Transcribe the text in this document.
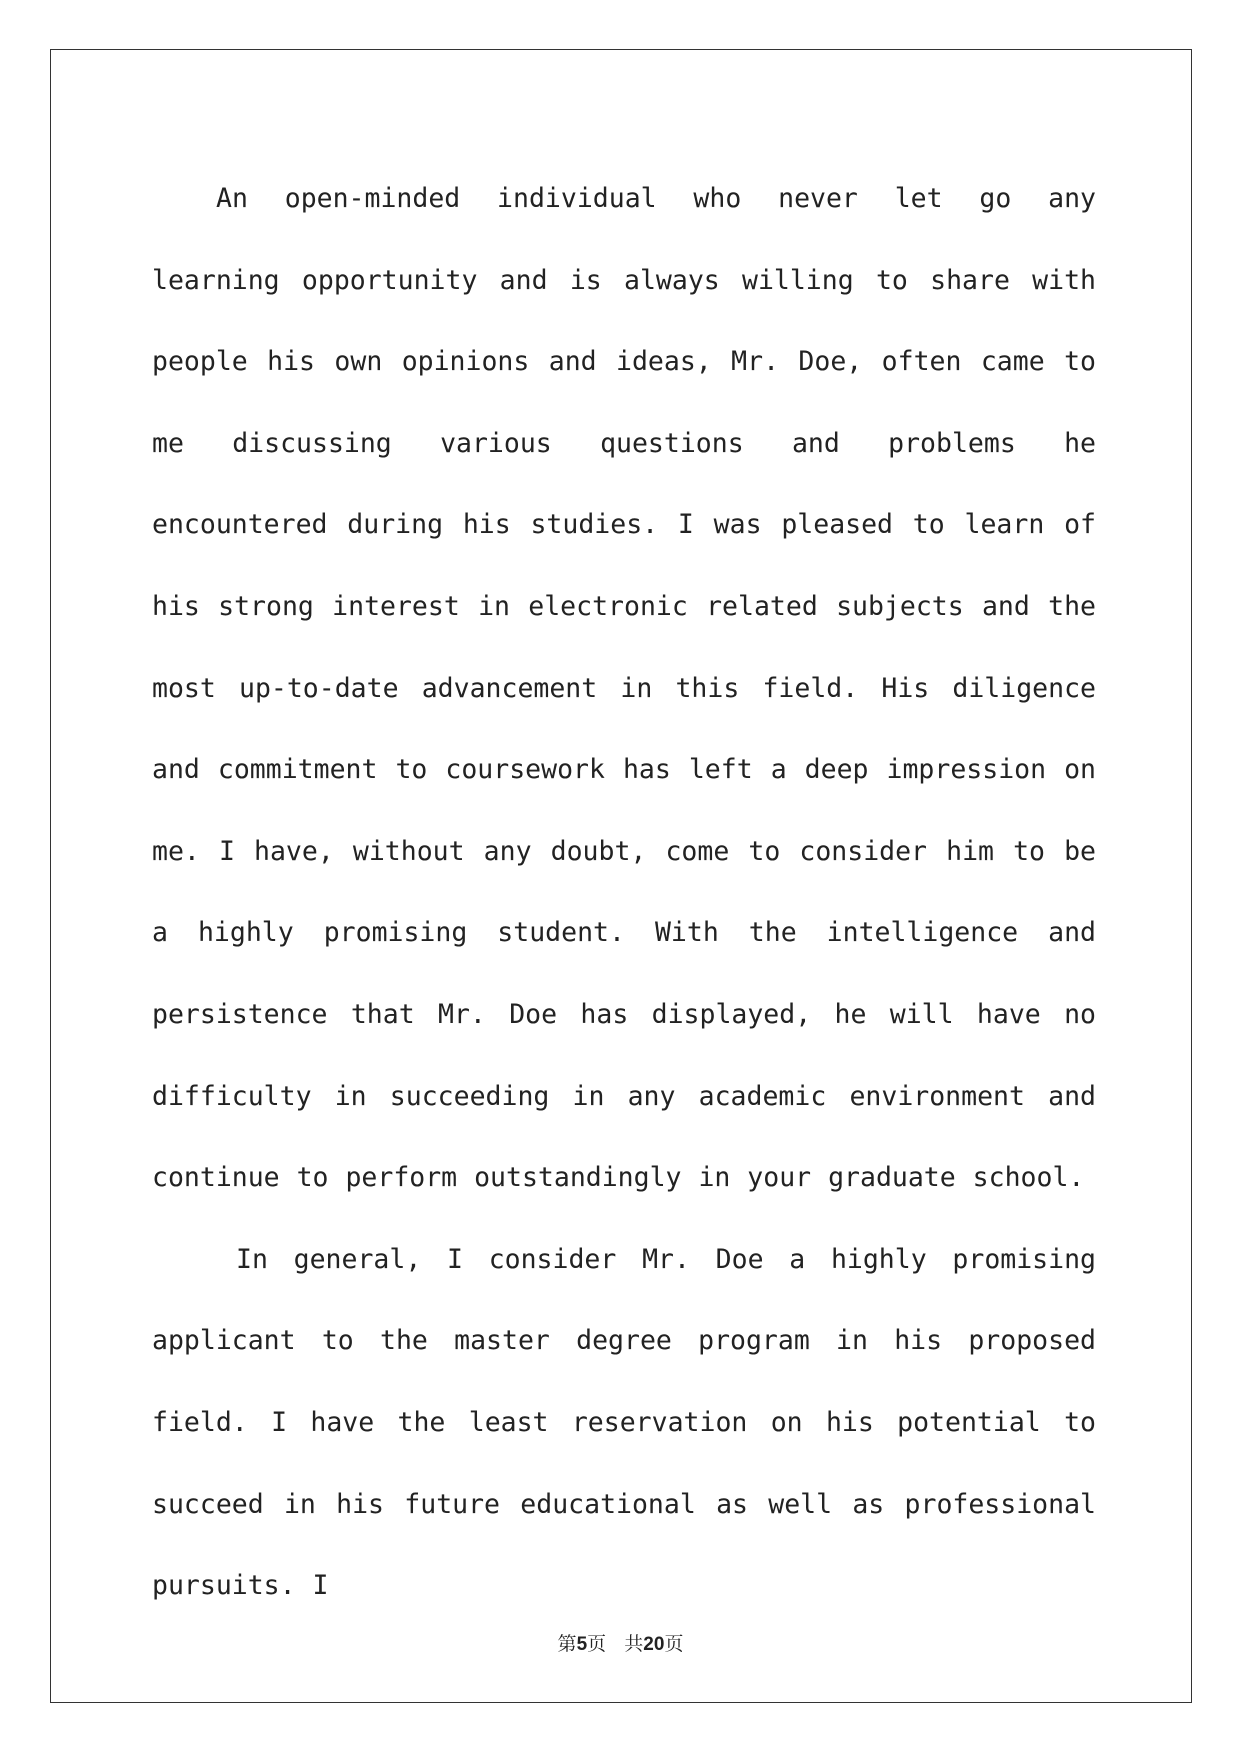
An open-minded individual who never let go any learning opportunity and is always willing to share with people his own opinions and ideas, Mr. Doe, often came to me discussing various questions and problems he encountered during his studies. I was pleased to learn of his strong interest in electronic related subjects and the most up-to-date advancement in this field. His diligence and commitment to coursework has left a deep impression on me. I have, without any doubt, come to consider him to be a highly promising student. With the intelligence and persistence that Mr. Doe has displayed, he will have no difficulty in succeeding in any academic environment and continue to perform outstandingly in your graduate school.

In general, I consider Mr. Doe a highly promising applicant to the master degree program in his proposed field. I have the least reservation on his potential to succeed in his future educational as well as professional pursuits. I

第5页 共20页
